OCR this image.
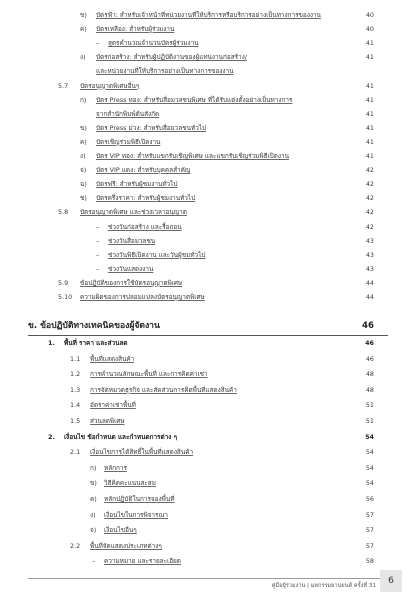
ข) บัตรฟ้า: สำหรับเจ้าหน้าที่หน่วยงานที่ให้บริการหรือบริการอย่างเป็นทางการของงาน	40
ค) บัตรเหลือง: สำหรับผู้ร่วมงาน	40
– สูตรคำนวณจำนวนบัตรผู้ร่วมงาน	41
ง) บัตรก่อสร้าง: สำหรับผู้ปฏิบัติงานของผู้แทนงานก่อสร้าง/	41
และหน่วยงานที่ให้บริการอย่างเป็นทางการของงาน
5.7 บัตรอนุญาตพิเศษอื่นๆ	41
ก) บัตร Press ทอง: สำหรับสื่อมวลชนพิเศษ ที่ได้รับแต่งตั้งอย่างเป็นทางการ	41
จากสำนักพิมพ์ต้นสังกัด	41
ข) บัตร Press ม่วง: สำหรับสื่อมวลชนทั่วไป	41
ค) บัตรเชิญร่วมพิธีเปิดงาน	41
ง) บัตร VIP ทอง: สำหรับแขกรับเชิญพิเศษ และแขกรับเชิญร่วมพิธีเปิดงาน	41
จ) บัตร VIP แดง: สำหรับบุคคลสำคัญ	42
ฉ) บัตรฟรี: สำหรับผู้ชมงานทั่วไป	42
ช) บัตรครึ่งราคา: สำหรับผู้ชมงานทั่วไป	42
5.8 บัตรอนุญาตพิเศษ และช่วงเวลาอนุญาต	42
– ช่วงวันก่อสร้าง และรื้อถอน	42
– ช่วงวันสื่อมวลชน	43
– ช่วงวันพิธีเปิดงาน และวันผู้ชมทั่วไป	43
– ช่วงวันแสดงงาน	43
5.9 ข้อปฏิบัติของการใช้บัตรอนุญาตพิเศษ	44
5.10 ความผิดของการปลอมแปลงบัตรอนุญาตพิเศษ	44
ข. ข้อปฏิบัติทางเทคนิคของผู้จัดงาน	46
1. พื้นที่ ราคา และส่วนลด	46
1.1 พื้นที่แสดงสินค้า	46
1.2 การคำนวณลักษณะพื้นที่ และการคิดค่าเช่า	48
1.3 การจัดหมวดธุรกิจ และสัดส่วนการคิดพื้นที่แสดงสินค้า	48
1.4 อัตราค่าเช่าพื้นที่	51
1.5 ส่วนลดพิเศษ	51
2. เงื่อนไข ข้อกำหนด และกำหนดการต่าง ๆ	54
2.1 เงื่อนไขการได้สิทธิ์ในพื้นที่แสดงสินค้า	54
ก) หลักการ	54
ข) วิธีคิดคะแนนสะสม	54
ค) หลักปฏิบัติในการจองพื้นที่	56
ง) เงื่อนไขในการพิจารณา	57
จ) เงื่อนไขอื่นๆ	57
2.2 พื้นที่จัดแสดงประเภทต่างๆ	57
– ความหมาย และรายละเอียด	58
คู่มือผู้ร่วมงาน | มหกรรมยานยนต์ ครั้งที่ 31	6
